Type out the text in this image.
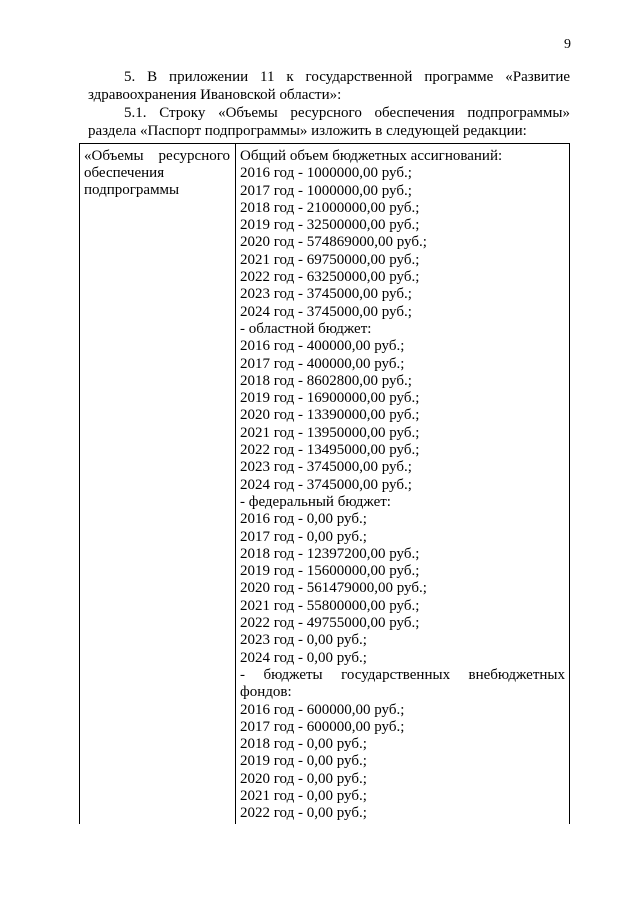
9
5. В приложении 11 к государственной программе «Развитие
здравоохранения Ивановской области»:
5.1. Строку «Объемы ресурсного обеспечения подпрограммы»
раздела «Паспорт подпрограммы» изложить в следующей редакции:
«Объемы ресурсного
обеспечения
подпрограммы
Общий объем бюджетных ассигнований:
2016 год - 1000000,00 руб.;
2017 год - 1000000,00 руб.;
2018 год - 21000000,00 руб.;
2019 год - 32500000,00 руб.;
2020 год - 574869000,00 руб.;
2021 год - 69750000,00 руб.;
2022 год - 63250000,00 руб.;
2023 год - 3745000,00 руб.;
2024 год - 3745000,00 руб.;
- областной бюджет:
2016 год - 400000,00 руб.;
2017 год - 400000,00 руб.;
2018 год - 8602800,00 руб.;
2019 год - 16900000,00 руб.;
2020 год - 13390000,00 руб.;
2021 год - 13950000,00 руб.;
2022 год - 13495000,00 руб.;
2023 год - 3745000,00 руб.;
2024 год - 3745000,00 руб.;
- федеральный бюджет:
2016 год - 0,00 руб.;
2017 год - 0,00 руб.;
2018 год - 12397200,00 руб.;
2019 год - 15600000,00 руб.;
2020 год - 561479000,00 руб.;
2021 год - 55800000,00 руб.;
2022 год - 49755000,00 руб.;
2023 год - 0,00 руб.;
2024 год - 0,00 руб.;
- бюджеты государственных внебюджетных
фондов:
2016 год - 600000,00 руб.;
2017 год - 600000,00 руб.;
2018 год - 0,00 руб.;
2019 год - 0,00 руб.;
2020 год - 0,00 руб.;
2021 год - 0,00 руб.;
2022 год - 0,00 руб.;
